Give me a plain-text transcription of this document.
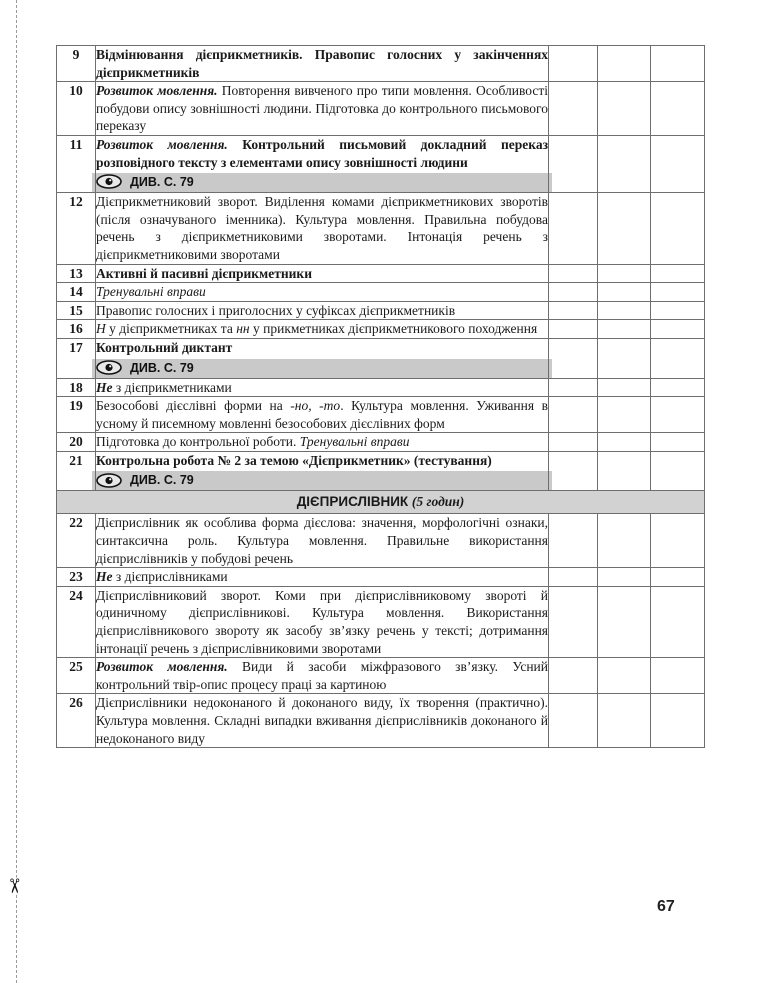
✂
9	Відмінювання дієприкметників. Правопис голосних у закінченнях дієприкметників			
10	Розвиток мовлення. Повторення вивченого про типи мовлення. Особливості побудови опису зовнішності людини. Підготовка до контрольного письмового переказу			
11	Розвиток мовлення. Контрольний письмовий докладний переказ розповідного тексту з елементами опису зовнішності людини
ДИВ. С. 79			

12	Дієприкметниковий зворот. Виділення комами дієприкметникових зворотів (після означуваного іменника). Культура мовлення. Правильна побудова речень з дієприкметниковими зворотами. Інтонація речень з дієприкметниковими зворотами			
13	Активні й пасивні дієприкметники			
14	Тренувальні вправи			
15	Правопис голосних і приголосних у суфіксах дієприкметників			
16	Н у дієприкметниках та нн у прикметниках дієприкметникового походження			
17	Контрольний диктант
ДИВ. С. 79			

18	Не з дієприкметниками			
19	Безособові дієслівні форми на -но, -то. Культура мовлення. Уживання в усному й писемному мовленні безособових дієслівних форм			
20	Підготовка до контрольної роботи. Тренувальні вправи			
21	Контрольна робота № 2 за темою «Дієприкметник» (тестування)
ДИВ. С. 79			

ДІЄПРИСЛІВНИК (5 годин)				
22	Дієприслівник як особлива форма дієслова: значення, морфологічні ознаки, синтаксична роль. Культура мовлення. Правильне використання дієприслівників у побудові речень			
23	Не з дієприслівниками			
24	Дієприслівниковий зворот. Коми при дієприслівниковому звороті й одиничному дієприслівникові. Культура мовлення. Використання дієприслівникового звороту як засобу зв’язку речень у тексті; дотримання інтонації речень з дієприслівниковими зворотами			
25	Розвиток мовлення. Види й засоби міжфразового зв’язку. Усний контрольний твір-опис процесу праці за картиною			
26	Дієприслівники недоконаного й доконаного виду, їх творення (практично). Культура мовлення. Складні випадки вживання дієприслівників доконаного й недоконаного виду			
67
